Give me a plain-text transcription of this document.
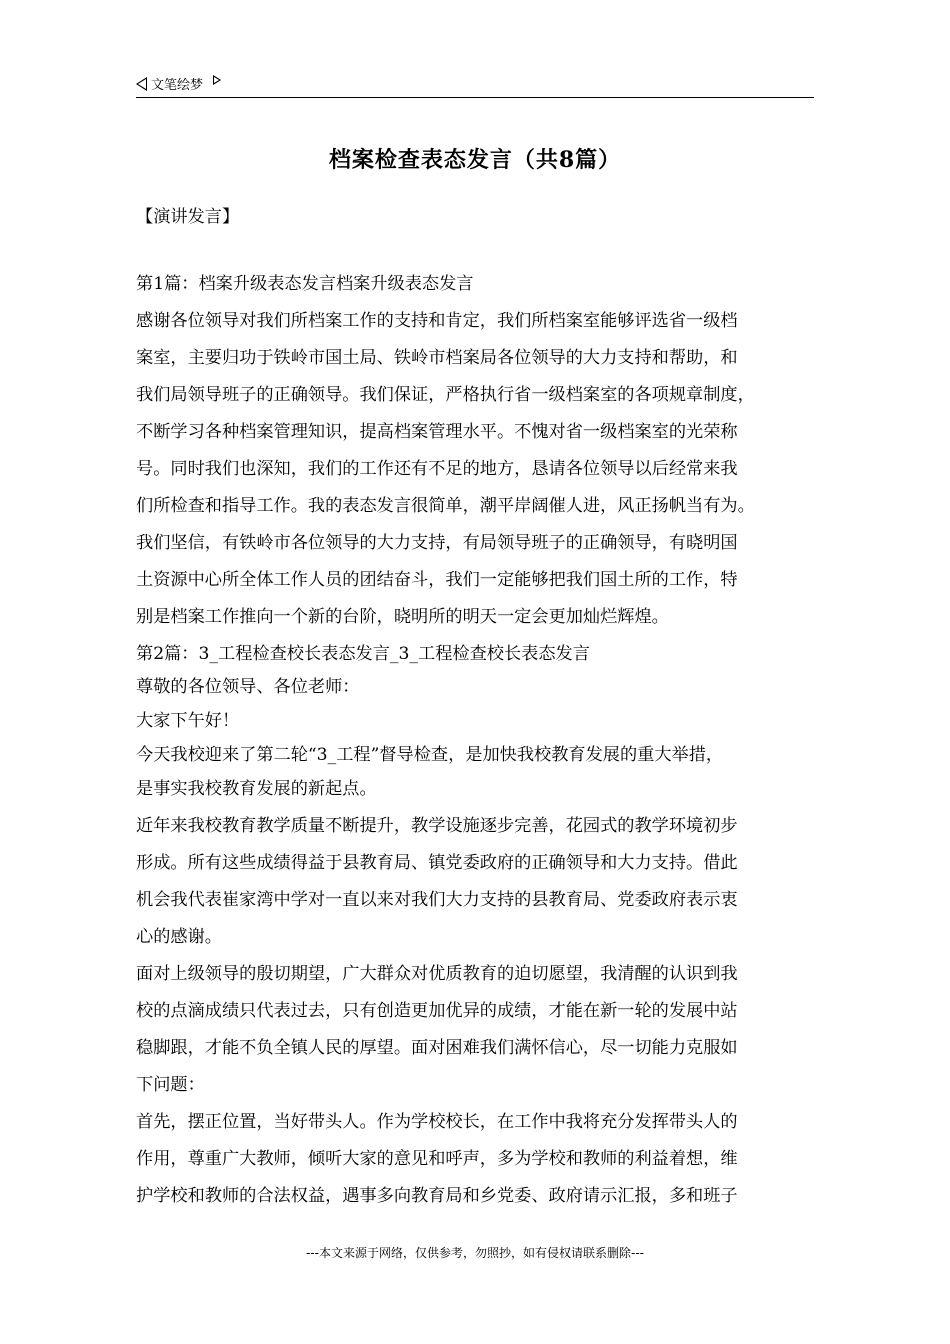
文笔绘梦
档案检查表态发言（共8篇）
【演讲发言】
第1篇：档案升级表态发言档案升级表态发言
感谢各位领导对我们所档案工作的支持和肯定，我们所档案室能够评选省一级档
案室，主要归功于铁岭市国土局、铁岭市档案局各位领导的大力支持和帮助，和
我们局领导班子的正确领导。我们保证，严格执行省一级档案室的各项规章制度，
不断学习各种档案管理知识，提高档案管理水平。不愧对省一级档案室的光荣称
号。同时我们也深知，我们的工作还有不足的地方，恳请各位领导以后经常来我
们所检查和指导工作。我的表态发言很简单，潮平岸阔催人进，风正扬帆当有为。
我们坚信，有铁岭市各位领导的大力支持，有局领导班子的正确领导，有晓明国
土资源中心所全体工作人员的团结奋斗，我们一定能够把我们国土所的工作，特
别是档案工作推向一个新的台阶，晓明所的明天一定会更加灿烂辉煌。
第2篇：3_工程检查校长表态发言_3_工程检查校长表态发言
尊敬的各位领导、各位老师：
大家下午好！
今天我校迎来了第二轮“3_工程”督导检查，是加快我校教育发展的重大举措，
是事实我校教育发展的新起点。
近年来我校教育教学质量不断提升，教学设施逐步完善，花园式的教学环境初步
形成。所有这些成绩得益于县教育局、镇党委政府的正确领导和大力支持。借此
机会我代表崔家湾中学对一直以来对我们大力支持的县教育局、党委政府表示衷
心的感谢。
面对上级领导的殷切期望，广大群众对优质教育的迫切愿望，我清醒的认识到我
校的点滴成绩只代表过去，只有创造更加优异的成绩，才能在新一轮的发展中站
稳脚跟，才能不负全镇人民的厚望。面对困难我们满怀信心，尽一切能力克服如
下问题：
首先，摆正位置，当好带头人。作为学校校长，在工作中我将充分发挥带头人的
作用，尊重广大教师，倾听大家的意见和呼声，多为学校和教师的利益着想，维
护学校和教师的合法权益，遇事多向教育局和乡党委、政府请示汇报，多和班子
---本文来源于网络，仅供参考，勿照抄，如有侵权请联系删除---
